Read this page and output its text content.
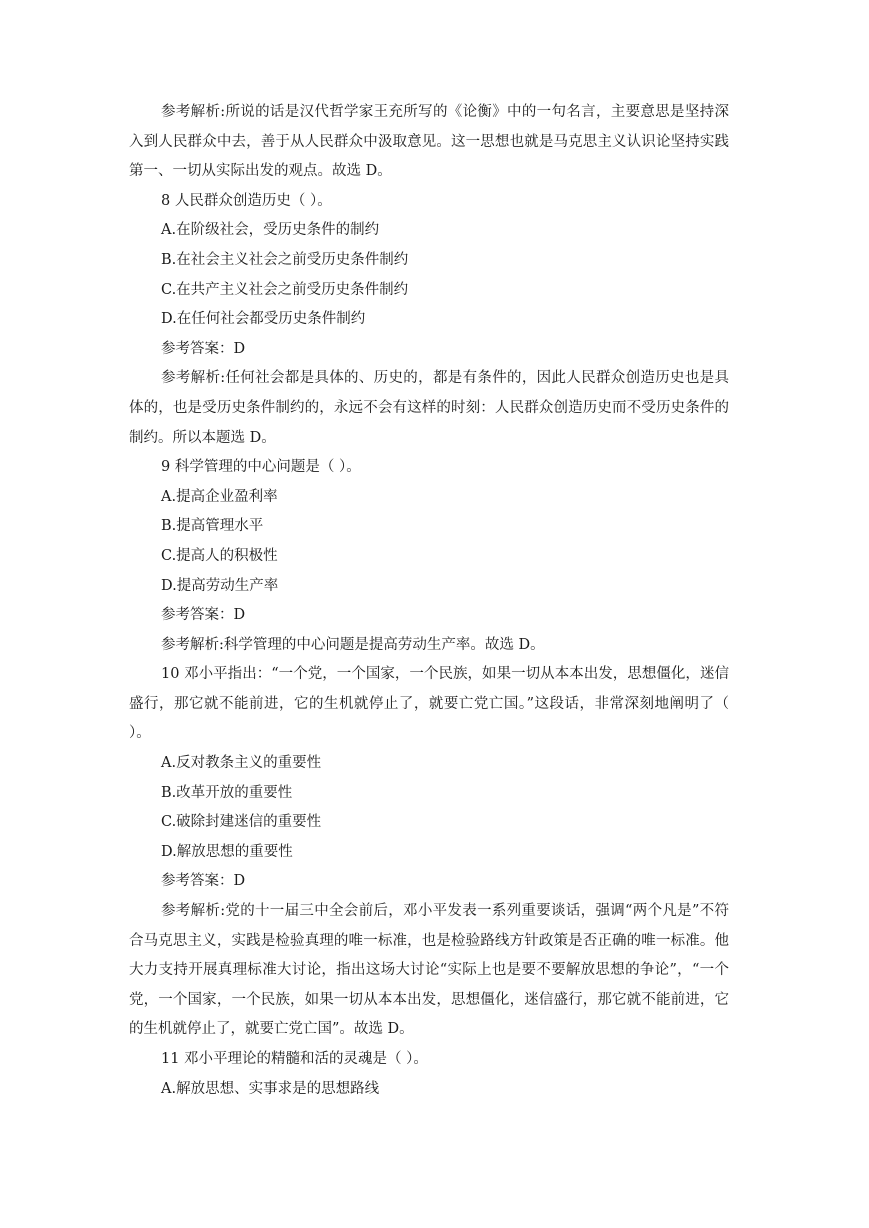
参考解析:所说的话是汉代哲学家王充所写的《论衡》中的一句名言，主要意思是坚持深入到人民群众中去，善于从人民群众中汲取意见。这一思想也就是马克思主义认识论坚持实践第一、一切从实际出发的观点。故选 D。

8 人民群众创造历史（ ）。

A.在阶级社会，受历史条件的制约

B.在社会主义社会之前受历史条件制约

C.在共产主义社会之前受历史条件制约

D.在任何社会都受历史条件制约

参考答案：D

参考解析:任何社会都是具体的、历史的，都是有条件的，因此人民群众创造历史也是具体的，也是受历史条件制约的，永远不会有这样的时刻：人民群众创造历史而不受历史条件的制约。所以本题选 D。

9 科学管理的中心问题是（ ）。

A.提高企业盈利率

B.提高管理水平

C.提高人的积极性

D.提高劳动生产率

参考答案：D

参考解析:科学管理的中心问题是提高劳动生产率。故选 D。

10 邓小平指出：“一个党，一个国家，一个民族，如果一切从本本出发，思想僵化，迷信盛行，那它就不能前进，它的生机就停止了，就要亡党亡国。”这段话，非常深刻地阐明了（ ）。

A.反对教条主义的重要性

B.改革开放的重要性

C.破除封建迷信的重要性

D.解放思想的重要性

参考答案：D

参考解析:党的十一届三中全会前后，邓小平发表一系列重要谈话，强调“两个凡是”不符合马克思主义，实践是检验真理的唯一标准，也是检验路线方针政策是否正确的唯一标准。他大力支持开展真理标准大讨论，指出这场大讨论“实际上也是要不要解放思想的争论”，“一个党，一个国家，一个民族，如果一切从本本出发，思想僵化，迷信盛行，那它就不能前进，它的生机就停止了，就要亡党亡国”。故选 D。

11 邓小平理论的精髓和活的灵魂是（ ）。

A.解放思想、实事求是的思想路线
